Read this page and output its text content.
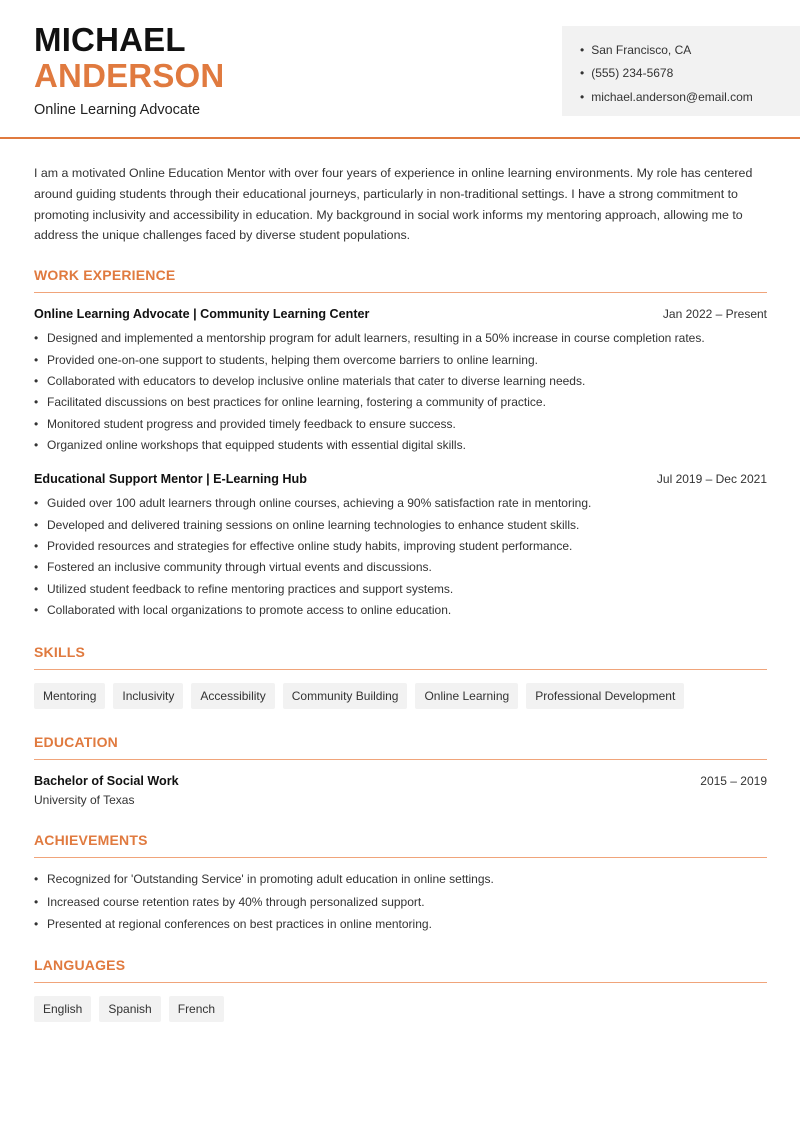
MICHAEL
ANDERSON
Online Learning Advocate
• San Francisco, CA
• (555) 234-5678
• michael.anderson@email.com

I am a motivated Online Education Mentor with over four years of experience in online learning environments. My role has centered around guiding students through their educational journeys, particularly in non-traditional settings. I have a strong commitment to promoting inclusivity and accessibility in education. My background in social work informs my mentoring approach, allowing me to address the unique challenges faced by diverse student populations.

WORK EXPERIENCE
Online Learning Advocate | Community Learning Center	Jan 2022 – Present
• Designed and implemented a mentorship program for adult learners, resulting in a 50% increase in course completion rates.
• Provided one-on-one support to students, helping them overcome barriers to online learning.
• Collaborated with educators to develop inclusive online materials that cater to diverse learning needs.
• Facilitated discussions on best practices for online learning, fostering a community of practice.
• Monitored student progress and provided timely feedback to ensure success.
• Organized online workshops that equipped students with essential digital skills.
Educational Support Mentor | E-Learning Hub	Jul 2019 – Dec 2021
• Guided over 100 adult learners through online courses, achieving a 90% satisfaction rate in mentoring.
• Developed and delivered training sessions on online learning technologies to enhance student skills.
• Provided resources and strategies for effective online study habits, improving student performance.
• Fostered an inclusive community through virtual events and discussions.
• Utilized student feedback to refine mentoring practices and support systems.
• Collaborated with local organizations to promote access to online education.
SKILLS
Mentoring	Inclusivity	Accessibility	Community Building	Online Learning	Professional Development
EDUCATION
Bachelor of Social Work	2015 – 2019
University of Texas
ACHIEVEMENTS
• Recognized for 'Outstanding Service' in promoting adult education in online settings.
• Increased course retention rates by 40% through personalized support.
• Presented at regional conferences on best practices in online mentoring.
LANGUAGES
English	Spanish	French
